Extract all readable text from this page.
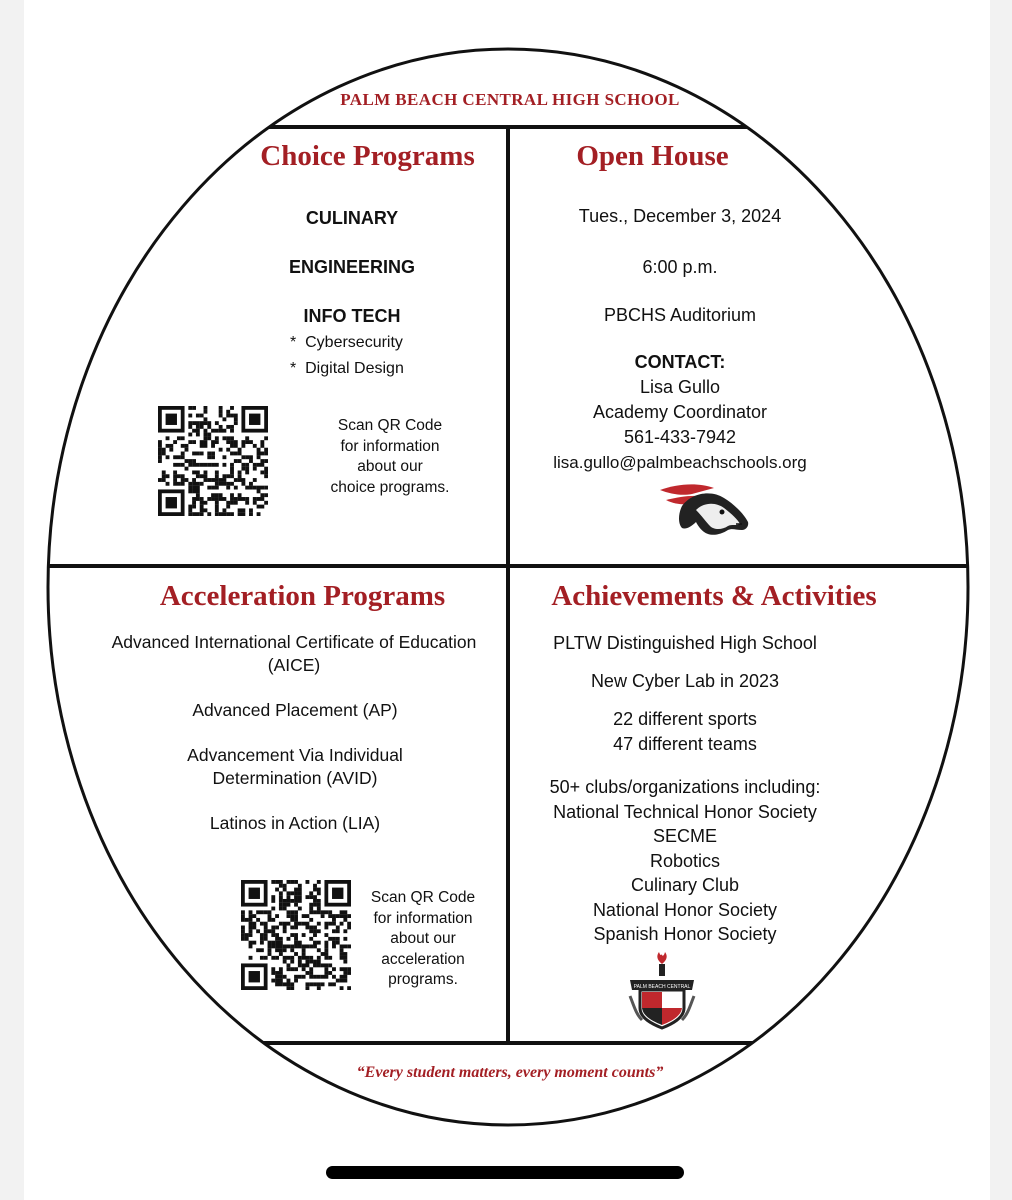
PALM BEACH CENTRAL HIGH SCHOOL
Choice Programs
CULINARY
ENGINEERING
INFO TECH
*  Cybersecurity
*  Digital Design
Scan QR Code
for information
about our
choice programs.
Open House
Tues., December 3, 2024
6:00 p.m.
PBCHS Auditorium
CONTACT:
Lisa Gullo
Academy Coordinator
561-433-7942
lisa.gullo@palmbeachschools.org
Acceleration Programs
Advanced International Certificate of Education
(AICE)
Advanced Placement (AP)
Advancement Via Individual
Determination (AVID)
Latinos in Action (LIA)
Scan QR Code
for information
about our
acceleration
programs.
Achievements & Activities
PLTW Distinguished High School
New Cyber Lab in 2023
22 different sports
47 different teams
50+ clubs/organizations including:
National Technical Honor Society
SECME
Robotics
Culinary Club
National Honor Society
Spanish Honor Society
PALM BEACH CENTRAL
“Every student matters, every moment counts”
